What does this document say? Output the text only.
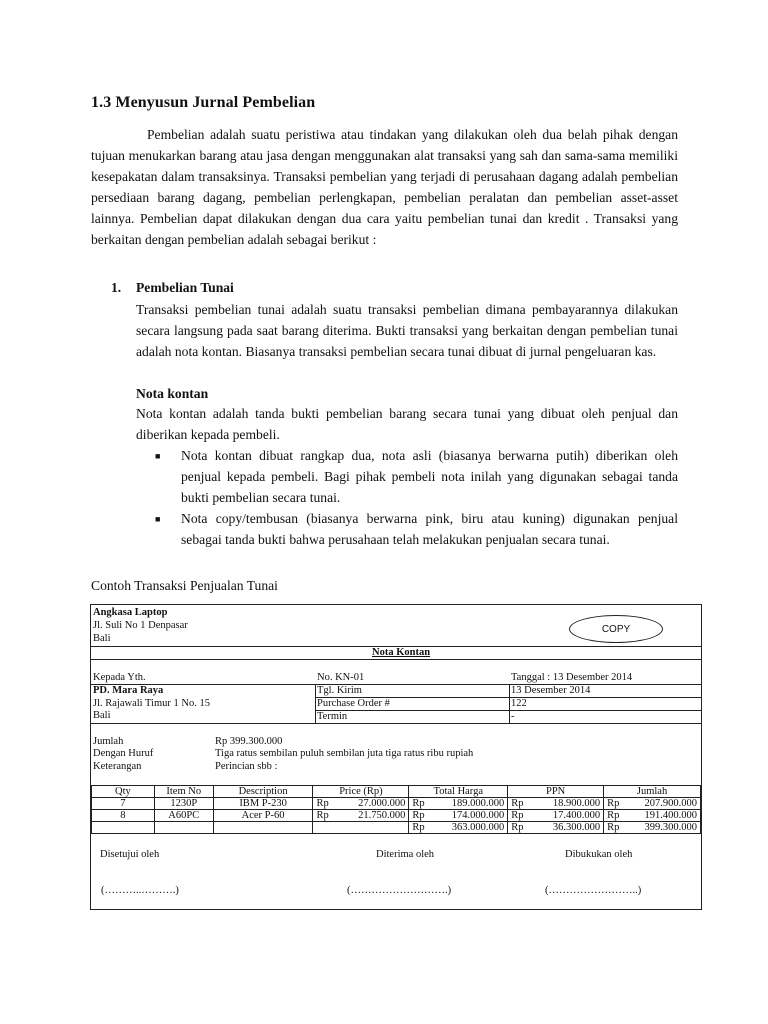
1.3 Menyusun Jurnal Pembelian
Pembelian adalah suatu peristiwa atau tindakan yang dilakukan oleh dua belah pihak dengan tujuan menukarkan barang atau jasa dengan menggunakan alat transaksi yang sah dan sama-sama memiliki kesepakatan dalam transaksinya. Transaksi pembelian yang terjadi di perusahaan dagang adalah pembelian persediaan barang dagang, pembelian perlengkapan, pembelian peralatan dan pembelian asset-asset lainnya. Pembelian dapat dilakukan dengan dua cara yaitu pembelian tunai dan kredit . Transaksi yang berkaitan dengan pembelian adalah sebagai berikut :
1. Pembelian Tunai
Transaksi pembelian tunai adalah suatu transaksi pembelian dimana pembayarannya dilakukan secara langsung pada saat barang diterima. Bukti transaksi yang berkaitan dengan pembelian tunai adalah nota kontan. Biasanya transaksi pembelian secara tunai dibuat di jurnal pengeluaran kas.
Nota kontan
Nota kontan adalah tanda bukti pembelian barang secara tunai yang dibuat oleh penjual dan diberikan kepada pembeli.
■ Nota kontan dibuat rangkap dua, nota asli (biasanya berwarna putih) diberikan oleh penjual kepada pembeli. Bagi pihak pembeli nota inilah yang digunakan sebagai tanda bukti pembelian secara tunai.
■ Nota copy/tembusan (biasanya berwarna pink, biru atau kuning) digunakan penjual sebagai tanda bukti bahwa perusahaan telah melakukan penjualan secara tunai.
Contoh Transaksi Penjualan Tunai
Angkasa Laptop
Jl. Suli No 1 Denpasar
Bali
COPY
Nota Kontan
Kepada Yth.	No. KN-01	Tanggal : 13 Desember 2014
PD. Mara Raya
Jl. Rajawali Timur 1 No. 15
Bali
Tgl. Kirim	13 Desember 2014
Purchase Order #	122
Termin	-
Jumlah	Rp 399.300.000
Dengan Huruf	Tiga ratus sembilan puluh sembilan juta tiga ratus ribu rupiah
Keterangan	Perincian sbb :
Qty	Item No	Description	Price (Rp)	Total Harga	PPN	Jumlah
7	1230P	IBM P-230	Rp 27.000.000	Rp 189.000.000	Rp 18.900.000	Rp 207.900.000

8	A60PC	Acer P-60	Rp 21.750.000	Rp 174.000.000	Rp 17.400.000	Rp 191.400.000

				Rp 363.000.000	Rp 36.300.000	Rp 399.300.000
Disetujui oleh	Diterima oleh	Dibukukan oleh
(………..……….)	(……………………….)	(……………………..)
